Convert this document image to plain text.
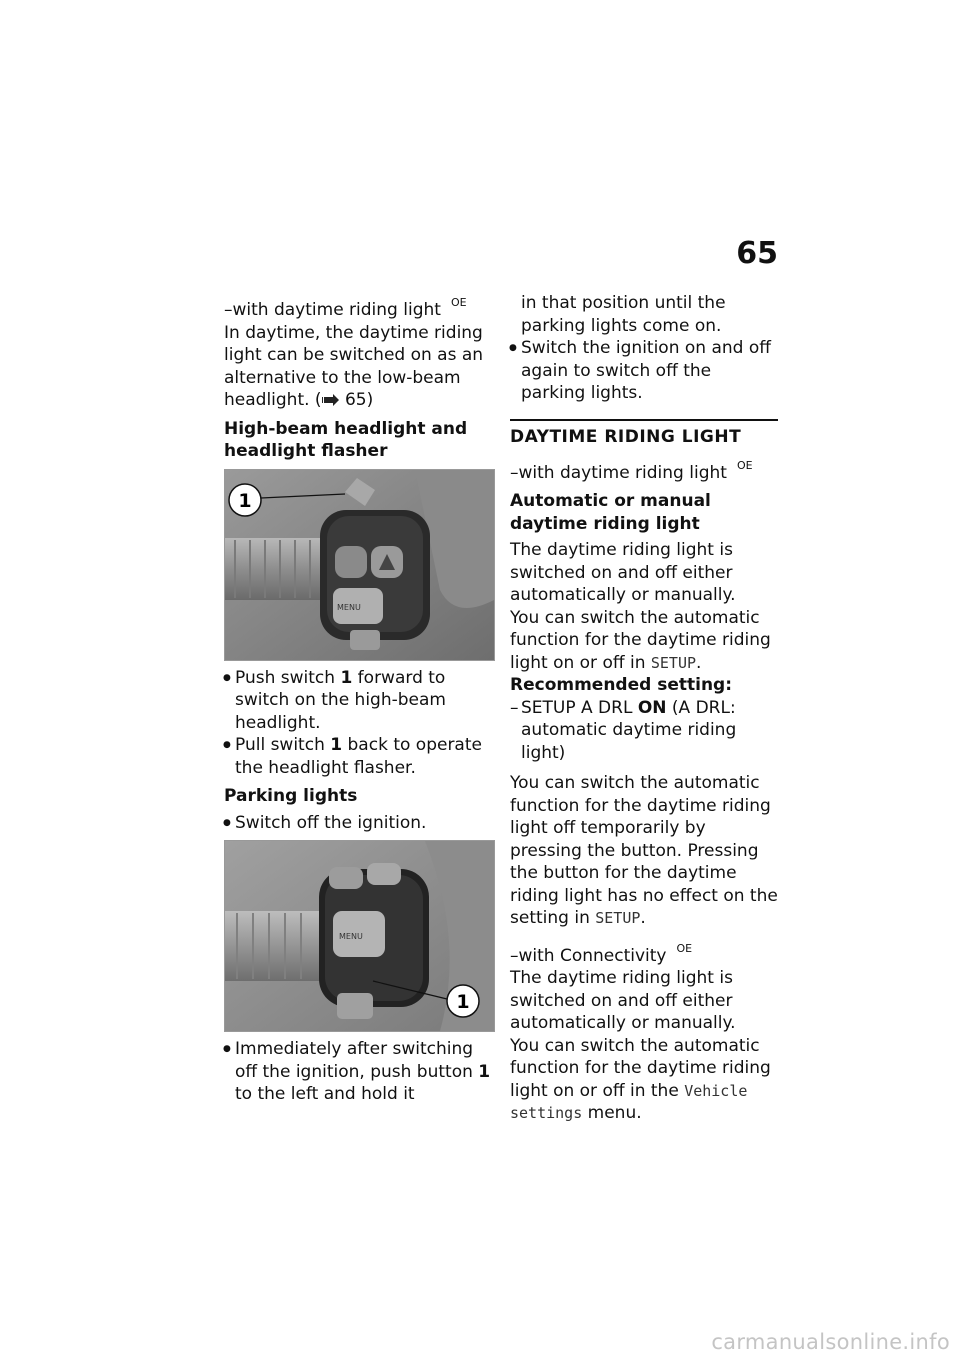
65

–with daytime riding light $^{OE}$

In daytime, the daytime riding light can be switched on as an alternative to the low-beam headlight. ( 65)

High-beam headlight and headlight flasher
MENU
1

● Push switch 1 forward to switch on the high-beam headlight.

● Pull switch 1 back to operate the headlight flasher.

Parking lights

● Switch off the ignition.

MENU
1

● Immediately after switching off the ignition, push button 1 to the left and hold it

in that position until the parking lights come on.

● Switch the ignition on and off again to switch off the parking lights.

DAYTIME RIDING LIGHT

–with daytime riding light $^{OE}$

Automatic or manual daytime riding light

The daytime riding light is switched on and off either automatically or manually.

You can switch the automatic function for the daytime riding light on or off in SETUP.

Recommended setting:

– SETUP A DRL ON (A DRL: automatic daytime riding light)

You can switch the automatic function for the daytime riding light off temporarily by pressing the button. Pressing the button for the daytime riding light has no effect on the setting in SETUP.

–with Connectivity $^{OE}$

The daytime riding light is switched on and off either automatically or manually.

You can switch the automatic function for the daytime riding light on or off in the Vehicle settings menu.

carmanualsonline.info
